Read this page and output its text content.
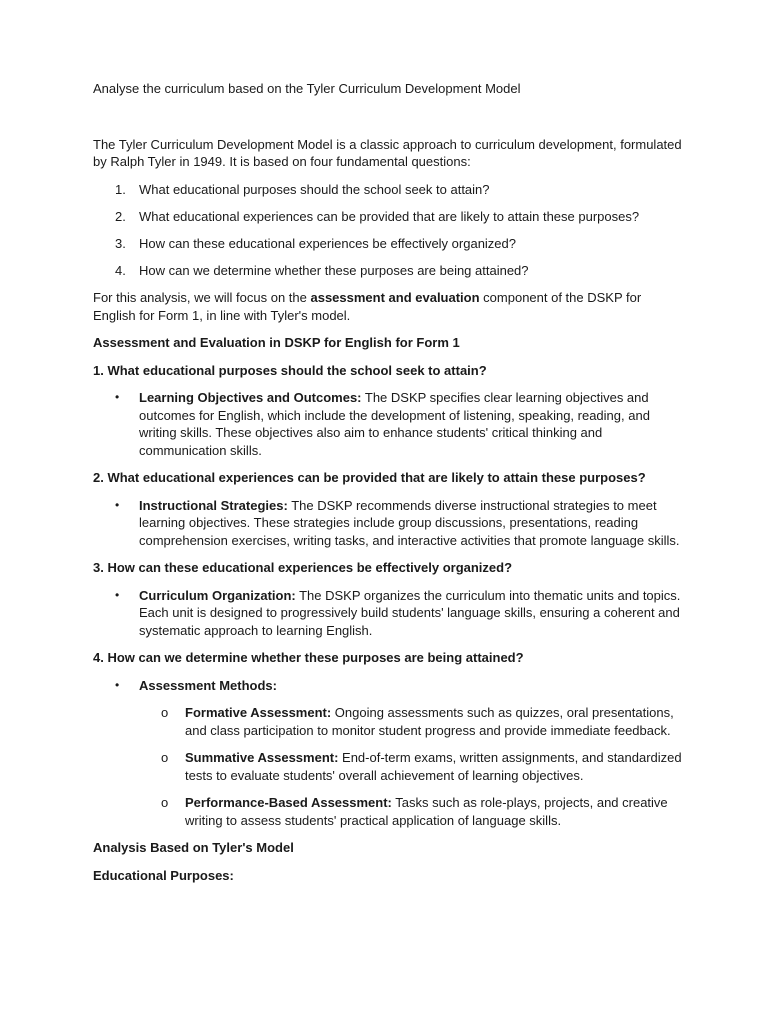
Analyse the curriculum based on the Tyler Curriculum Development Model

The Tyler Curriculum Development Model is a classic approach to curriculum development, formulated by Ralph Tyler in 1949. It is based on four fundamental questions:

1. What educational purposes should the school seek to attain?
2. What educational experiences can be provided that are likely to attain these purposes?
3. How can these educational experiences be effectively organized?
4. How can we determine whether these purposes are being attained?

For this analysis, we will focus on the assessment and evaluation component of the DSKP for English for Form 1, in line with Tyler's model.

Assessment and Evaluation in DSKP for English for Form 1

1. What educational purposes should the school seek to attain?

• Learning Objectives and Outcomes: The DSKP specifies clear learning objectives and outcomes for English, which include the development of listening, speaking, reading, and writing skills. These objectives also aim to enhance students' critical thinking and communication skills.

2. What educational experiences can be provided that are likely to attain these purposes?

• Instructional Strategies: The DSKP recommends diverse instructional strategies to meet learning objectives. These strategies include group discussions, presentations, reading comprehension exercises, writing tasks, and interactive activities that promote language skills.

3. How can these educational experiences be effectively organized?

• Curriculum Organization: The DSKP organizes the curriculum into thematic units and topics. Each unit is designed to progressively build students' language skills, ensuring a coherent and systematic approach to learning English.

4. How can we determine whether these purposes are being attained?

• Assessment Methods:
o Formative Assessment: Ongoing assessments such as quizzes, oral presentations, and class participation to monitor student progress and provide immediate feedback.
o Summative Assessment: End-of-term exams, written assignments, and standardized tests to evaluate students' overall achievement of learning objectives.
o Performance-Based Assessment: Tasks such as role-plays, projects, and creative writing to assess students' practical application of language skills.

Analysis Based on Tyler's Model

Educational Purposes:
